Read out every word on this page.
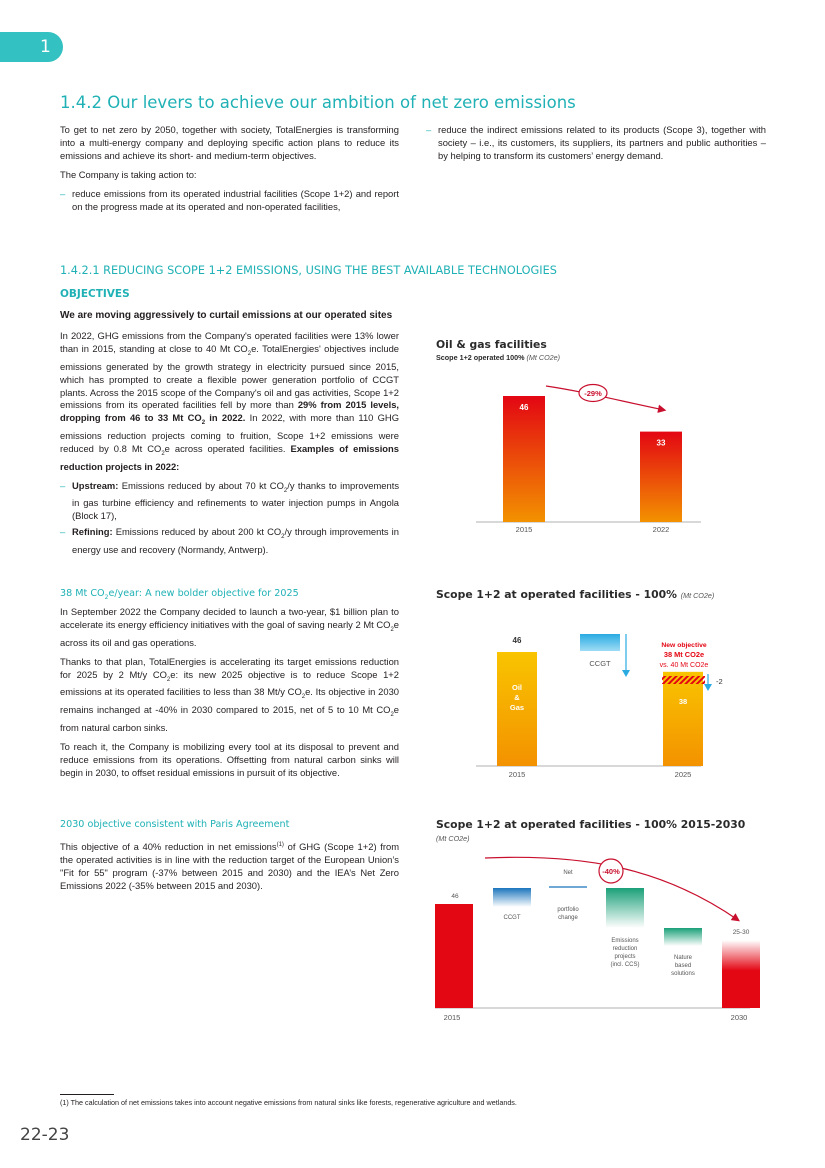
1
1.4.2 Our levers to achieve our ambition of net zero emissions

To get to net zero by 2050, together with society, TotalEnergies is transforming into a multi-energy company and deploying specific action plans to reduce its emissions and achieve its short- and medium-term objectives.

The Company is taking action to:

– reduce emissions from its operated industrial facilities (Scope 1+2) and report on the progress made at its operated and non-operated facilities,

– reduce the indirect emissions related to its products (Scope 3), together with society – i.e., its customers, its suppliers, its partners and public authorities – by helping to transform its customers’ energy demand.

1.4.2.1 REDUCING SCOPE 1+2 EMISSIONS, USING THE BEST AVAILABLE TECHNOLOGIES
OBJECTIVES
We are moving aggressively to curtail emissions at our operated sites

In 2022, GHG emissions from the Company's operated facilities were 13% lower than in 2015, standing at close to 40 Mt $CO_2e$. TotalEnergies' objectives include emissions generated by the growth strategy in electricity pursued since 2015, which has prompted to create a flexible power generation portfolio of CCGT plants. Across the 2015 scope of the Company's oil and gas activities, Scope 1+2 emissions from its operated facilities fell by more than 29% from 2015 levels, dropping from 46 to 33 Mt $CO_2$ in 2022. In 2022, with more than 110 GHG emissions reduction projects coming to fruition, Scope 1+2 emissions were reduced by 0.8 Mt $CO_2e$ across operated facilities. Examples of emissions reduction projects in 2022:

– Upstream: Emissions reduced by about 70 kt $CO_2/y$ thanks to improvements in gas turbine efficiency and refinements to water injection pumps in Angola (Block 17),

– Refining: Emissions reduced by about 200 kt $CO_2/y$ through improvements in energy use and recovery (Normandy, Antwerp).

38 Mt $CO_2e$/year: A new bolder objective for 2025

In September 2022 the Company decided to launch a two-year, $1 billion plan to accelerate its energy efficiency initiatives with the goal of saving nearly 2 Mt $CO_2e$ across its oil and gas operations.

Thanks to that plan, TotalEnergies is accelerating its target emissions reduction for 2025 by 2 Mt/y $CO_2e$: its new 2025 objective is to reduce Scope 1+2 emissions at its operated facilities to less than 38 Mt/y $CO_2e$. Its objective in 2030 remains inchanged at -40% in 2030 compared to 2015, net of 5 to 10 Mt $CO_2e$ from natural carbon sinks.

To reach it, the Company is mobilizing every tool at its disposal to prevent and reduce emissions from its operations. Offsetting from natural carbon sinks will begin in 2030, to offset residual emissions in pursuit of its objective.

2030 objective consistent with Paris Agreement

This objective of a 40% reduction in net emissions$^{(1)}$ of GHG (Scope 1+2) from the operated activities is in line with the reduction target of the European Union’s "Fit for 55" program (-37% between 2015 and 2030) and the IEA’s Net Zero Emissions 2022 (-35% between 2015 and 2030).

Oil & gas facilities
Scope 1+2 operated 100% (Mt CO2e)
46
33
2015	2022
-29%
Scope 1+2 at operated facilities - 100% (Mt CO2e)
46
Oil
&
Gas
38
CCGT
New objective
38 Mt CO2e
vs. 40 Mt CO2e
-2
2015	2025
Scope 1+2 at operated facilities - 100% 2015-2030
(Mt CO2e)
46
25-30
CCGT
Net
portfolio
change
Emissions
reduction
projects
(incl. CCS)
Nature
based
solutions
-40%
2015	2030
(1) The calculation of net emissions takes into account negative emissions from natural sinks like forests, regenerative agriculture and wetlands.
22-23
